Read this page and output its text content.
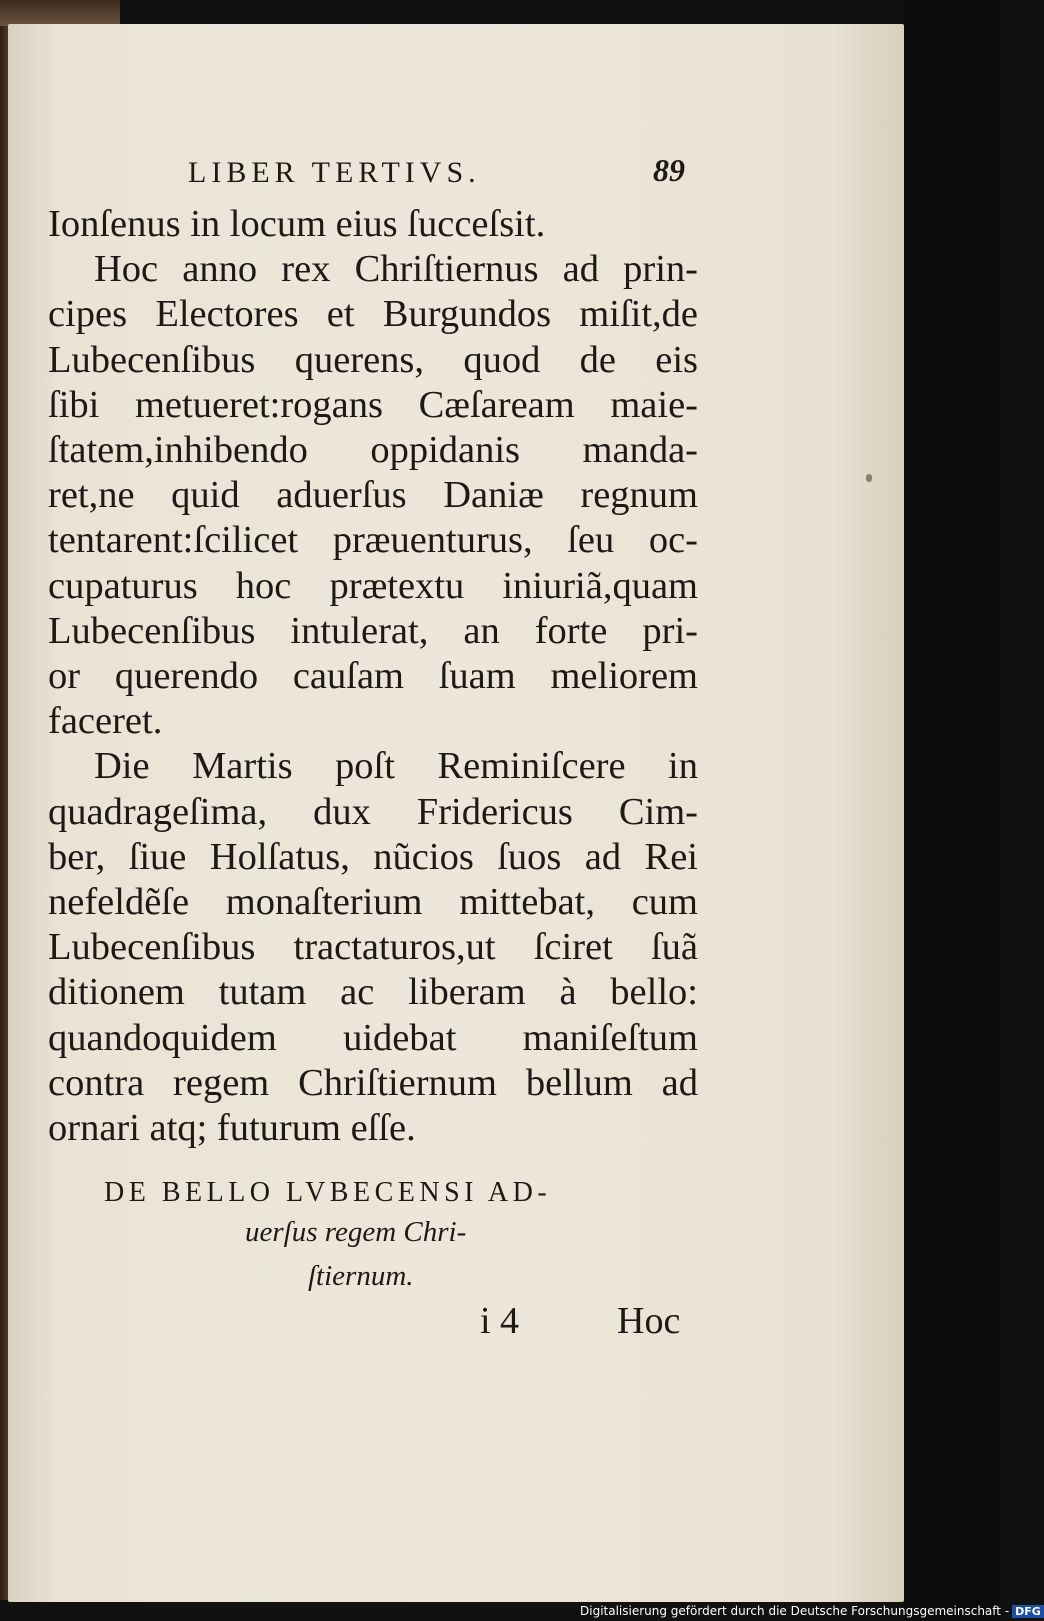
LIBER TERTIVS.	89
Ionſenus in locum eius ſucceſsit.
Hoc anno rex Chriſtiernus ad prin-
cipes Electores et Burgundos miſit,de
Lubecenſibus querens, quod de eis
ſibi metueret:rogans Cæſaream maie-
ſtatem,inhibendo oppidanis manda-
ret,ne quid aduerſus Daniæ regnum
tentarent:ſcilicet præuenturus, ſeu oc-
cupaturus hoc prætextu iniuriã,quam
Lubecenſibus intulerat, an forte pri-
or querendo cauſam ſuam meliorem
faceret.
Die Martis poſt Reminiſcere in
quadrageſima, dux Fridericus Cim-
ber, ſiue Holſatus, nũcios ſuos ad Rei
nefeldẽſe monaſterium mittebat, cum
Lubecenſibus tractaturos,ut ſciret ſuã
ditionem tutam ac liberam à bello:
quandoquidem uidebat maniſeſtum
contra regem Chriſtiernum bellum ad
ornari atq; futurum eſſe.
DE BELLO LVBECENSI AD-
uerſus regem Chri-
ſtiernum.
i 4	Hoc
Digitalisierung gefördert durch die Deutsche Forschungsgemeinschaft - DFG
